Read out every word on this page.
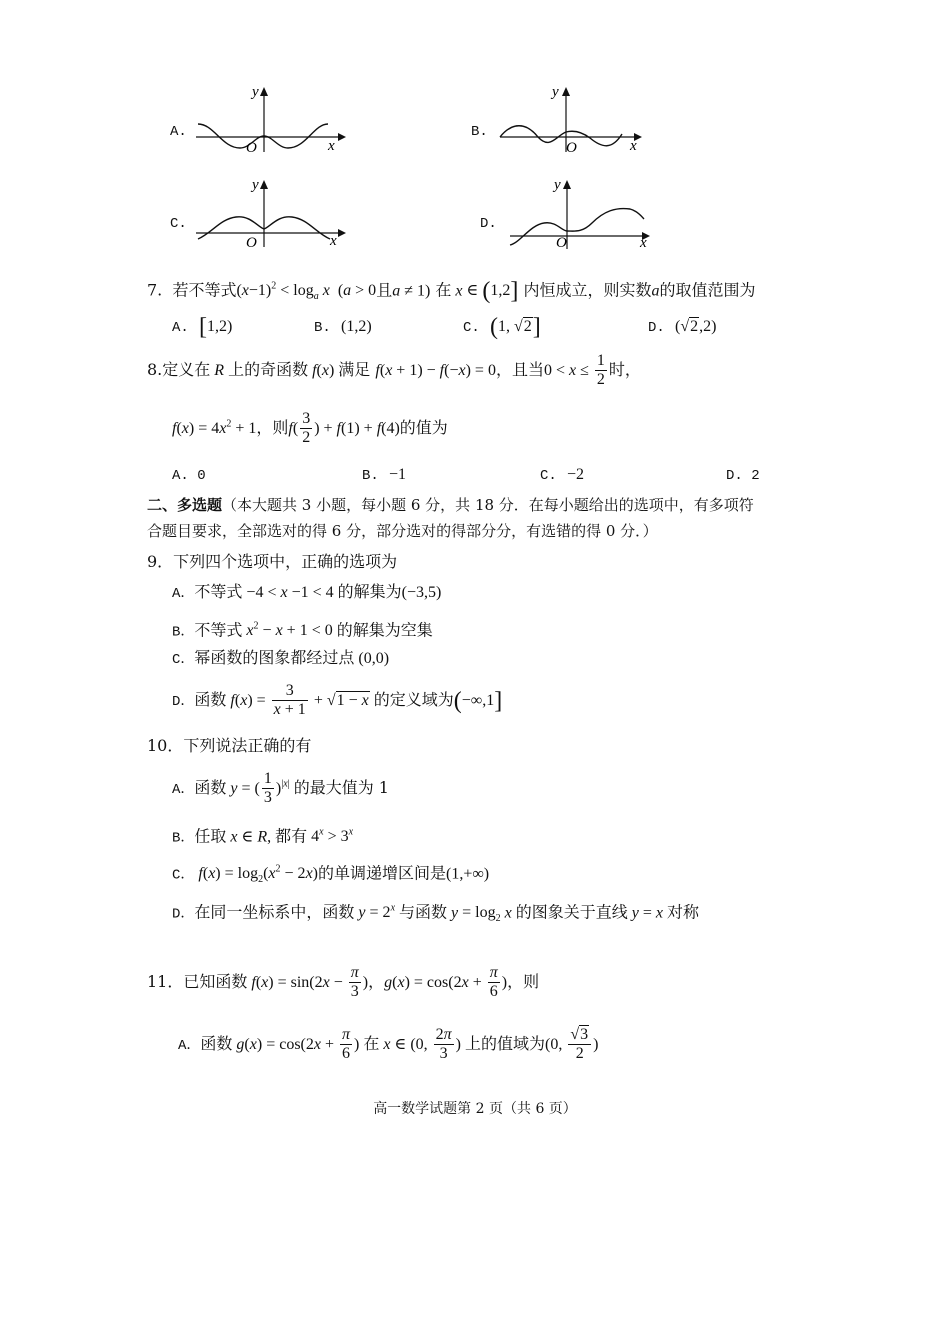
A.
y
x
O
B.
y
x
O
C.
y
x
O
D.
y
x
O
7. 若不等式$(x-1)^2 < \log_a x$  (a > 0且a ≠ 1) 在 x ∈ (1,2] 内恒成立，则实数a的取值范围为
A. [1,2)	B. (1,2)	C. (1, √2]	D. (√2,2)
8.定义在 R 上的奇函数 f(x) 满足 f(x + 1) − f(−x) = 0，且当$0 < x \le \frac{1}{2}$ 时，
$f(x) = 4x^2 + 1$，则$f( \frac{3}{2}$ ) + f(1) + f(4)的值为
A. 0	B. −1	C. −2	D. 2
二、多选题（本大题共 3 小题，每小题 6 分，共 18 分．在每小题给出的选项中，有多项符
合题目要求，全部选对的得 6 分，部分选对的得部分分，有选错的得 0 分．）
9．下列四个选项中，正确的选项为
A．不等式 −4 < x −1 < 4 的解集为(−3,5)
B．不等式 $x^2 - x + 1 < 0$ 的解集为空集
C．幂函数的图象都经过点 (0,0)
D．函数 $f(x) = \frac{3}{x + 1} + √1 - x$ 的定义域为(−∞,1]
10．下列说法正确的有
A．函数 y = ( $\frac{1}{3} )^{|x|}$ 的最大值为 1
B．任取 x ∈ R, 都有 $4^x > 3^x$
C． $f(x) = \log_2(x^2 - 2x)$的单调递增区间是(1,+∞)
D．在同一坐标系中，函数 $y = 2^x$ 与函数 $y = \log_2 x$ 的图象关于直线 y = x 对称
11．已知函数 $f(x) = \sin(2x - \frac{\pi}{3}$ )，$g(x) = \cos(2x + \frac{\pi}{6}$ )，则
A．函数 $g(x) = \cos(2x + \frac{\pi}{6}$ ) 在 x ∈ (0, $\frac{2\pi}{3}$ ) 上的值域为(0, $\frac{√3}{2}$ )
高一数学试题第 2 页（共 6 页）
